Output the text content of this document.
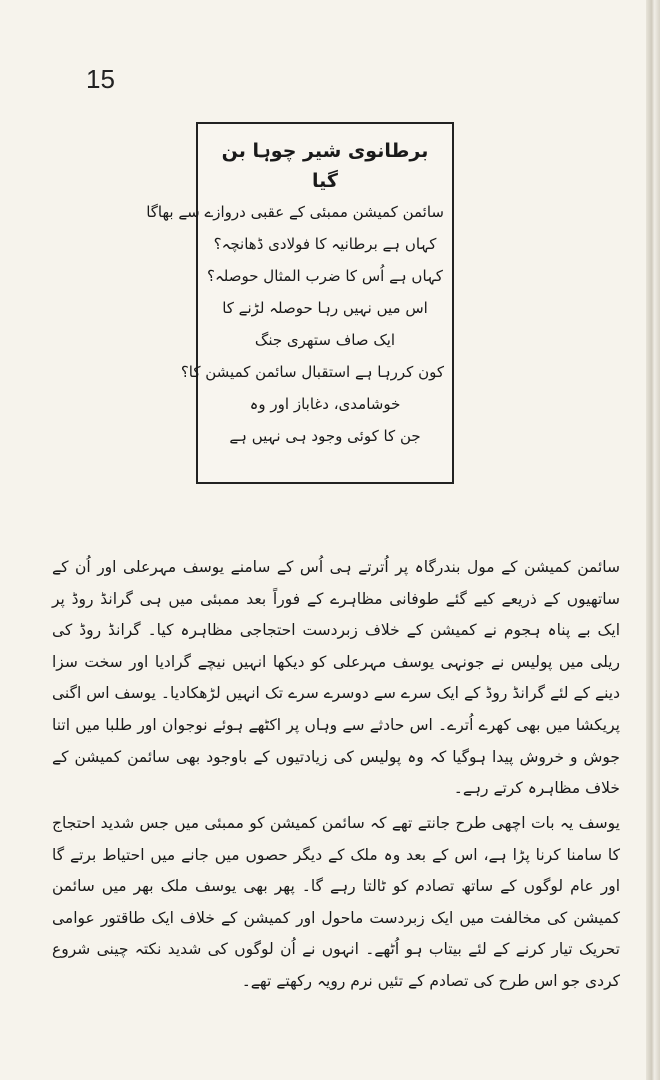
15
برطانوی شیر چوہا بن گیا
سائمن کمیشن ممبئی کے عقبی دروازے سے بھاگا
کہاں ہے برطانیہ کا فولادی ڈھانچہ؟
کہاں ہے اُس کا ضرب المثال حوصلہ؟
اس میں نہیں رہا حوصلہ لڑنے کا
ایک صاف ستھری جنگ
کون کررہا ہے استقبال سائمن کمیشن کا؟
خوشامدی، دغاباز اور وہ
جن کا کوئی وجود ہی نہیں ہے

سائمن کمیشن کے مول بندرگاہ پر اُترتے ہی اُس کے سامنے یوسف مہرعلی اور اُن کے ساتھیوں کے ذریعے کیے گئے طوفانی مظاہرے کے فوراً بعد ممبئی میں ہی گرانڈ روڈ پر ایک بے پناہ ہجوم نے کمیشن کے خلاف زبردست احتجاجی مظاہرہ کیا۔ گرانڈ روڈ کی ریلی میں پولیس نے جونہی یوسف مہرعلی کو دیکھا انہیں نیچے گرادیا اور سخت سزا دینے کے لئے گرانڈ روڈ کے ایک سرے سے دوسرے سرے تک انہیں لڑھکادیا۔ یوسف اس اگنی پریکشا میں بھی کھرے اُترے۔ اس حادثے سے وہاں پر اکٹھے ہوئے نوجوان اور طلبا میں اتنا جوش و خروش پیدا ہوگیا کہ وہ پولیس کی زیادتیوں کے باوجود بھی سائمن کمیشن کے خلاف مظاہرہ کرتے رہے۔

یوسف یہ بات اچھی طرح جانتے تھے کہ سائمن کمیشن کو ممبئی میں جس شدید احتجاج کا سامنا کرنا پڑا ہے، اس کے بعد وہ ملک کے دیگر حصوں میں جانے میں احتیاط برتے گا اور عام لوگوں کے ساتھ تصادم کو ٹالتا رہے گا۔ پھر بھی یوسف ملک بھر میں سائمن کمیشن کی مخالفت میں ایک زبردست ماحول اور کمیشن کے خلاف ایک طاقتور عوامی تحریک تیار کرنے کے لئے بیتاب ہو اُٹھے۔ انہوں نے اُن لوگوں کی شدید نکتہ چینی شروع کردی جو اس طرح کی تصادم کے تئیں نرم رویہ رکھتے تھے۔
